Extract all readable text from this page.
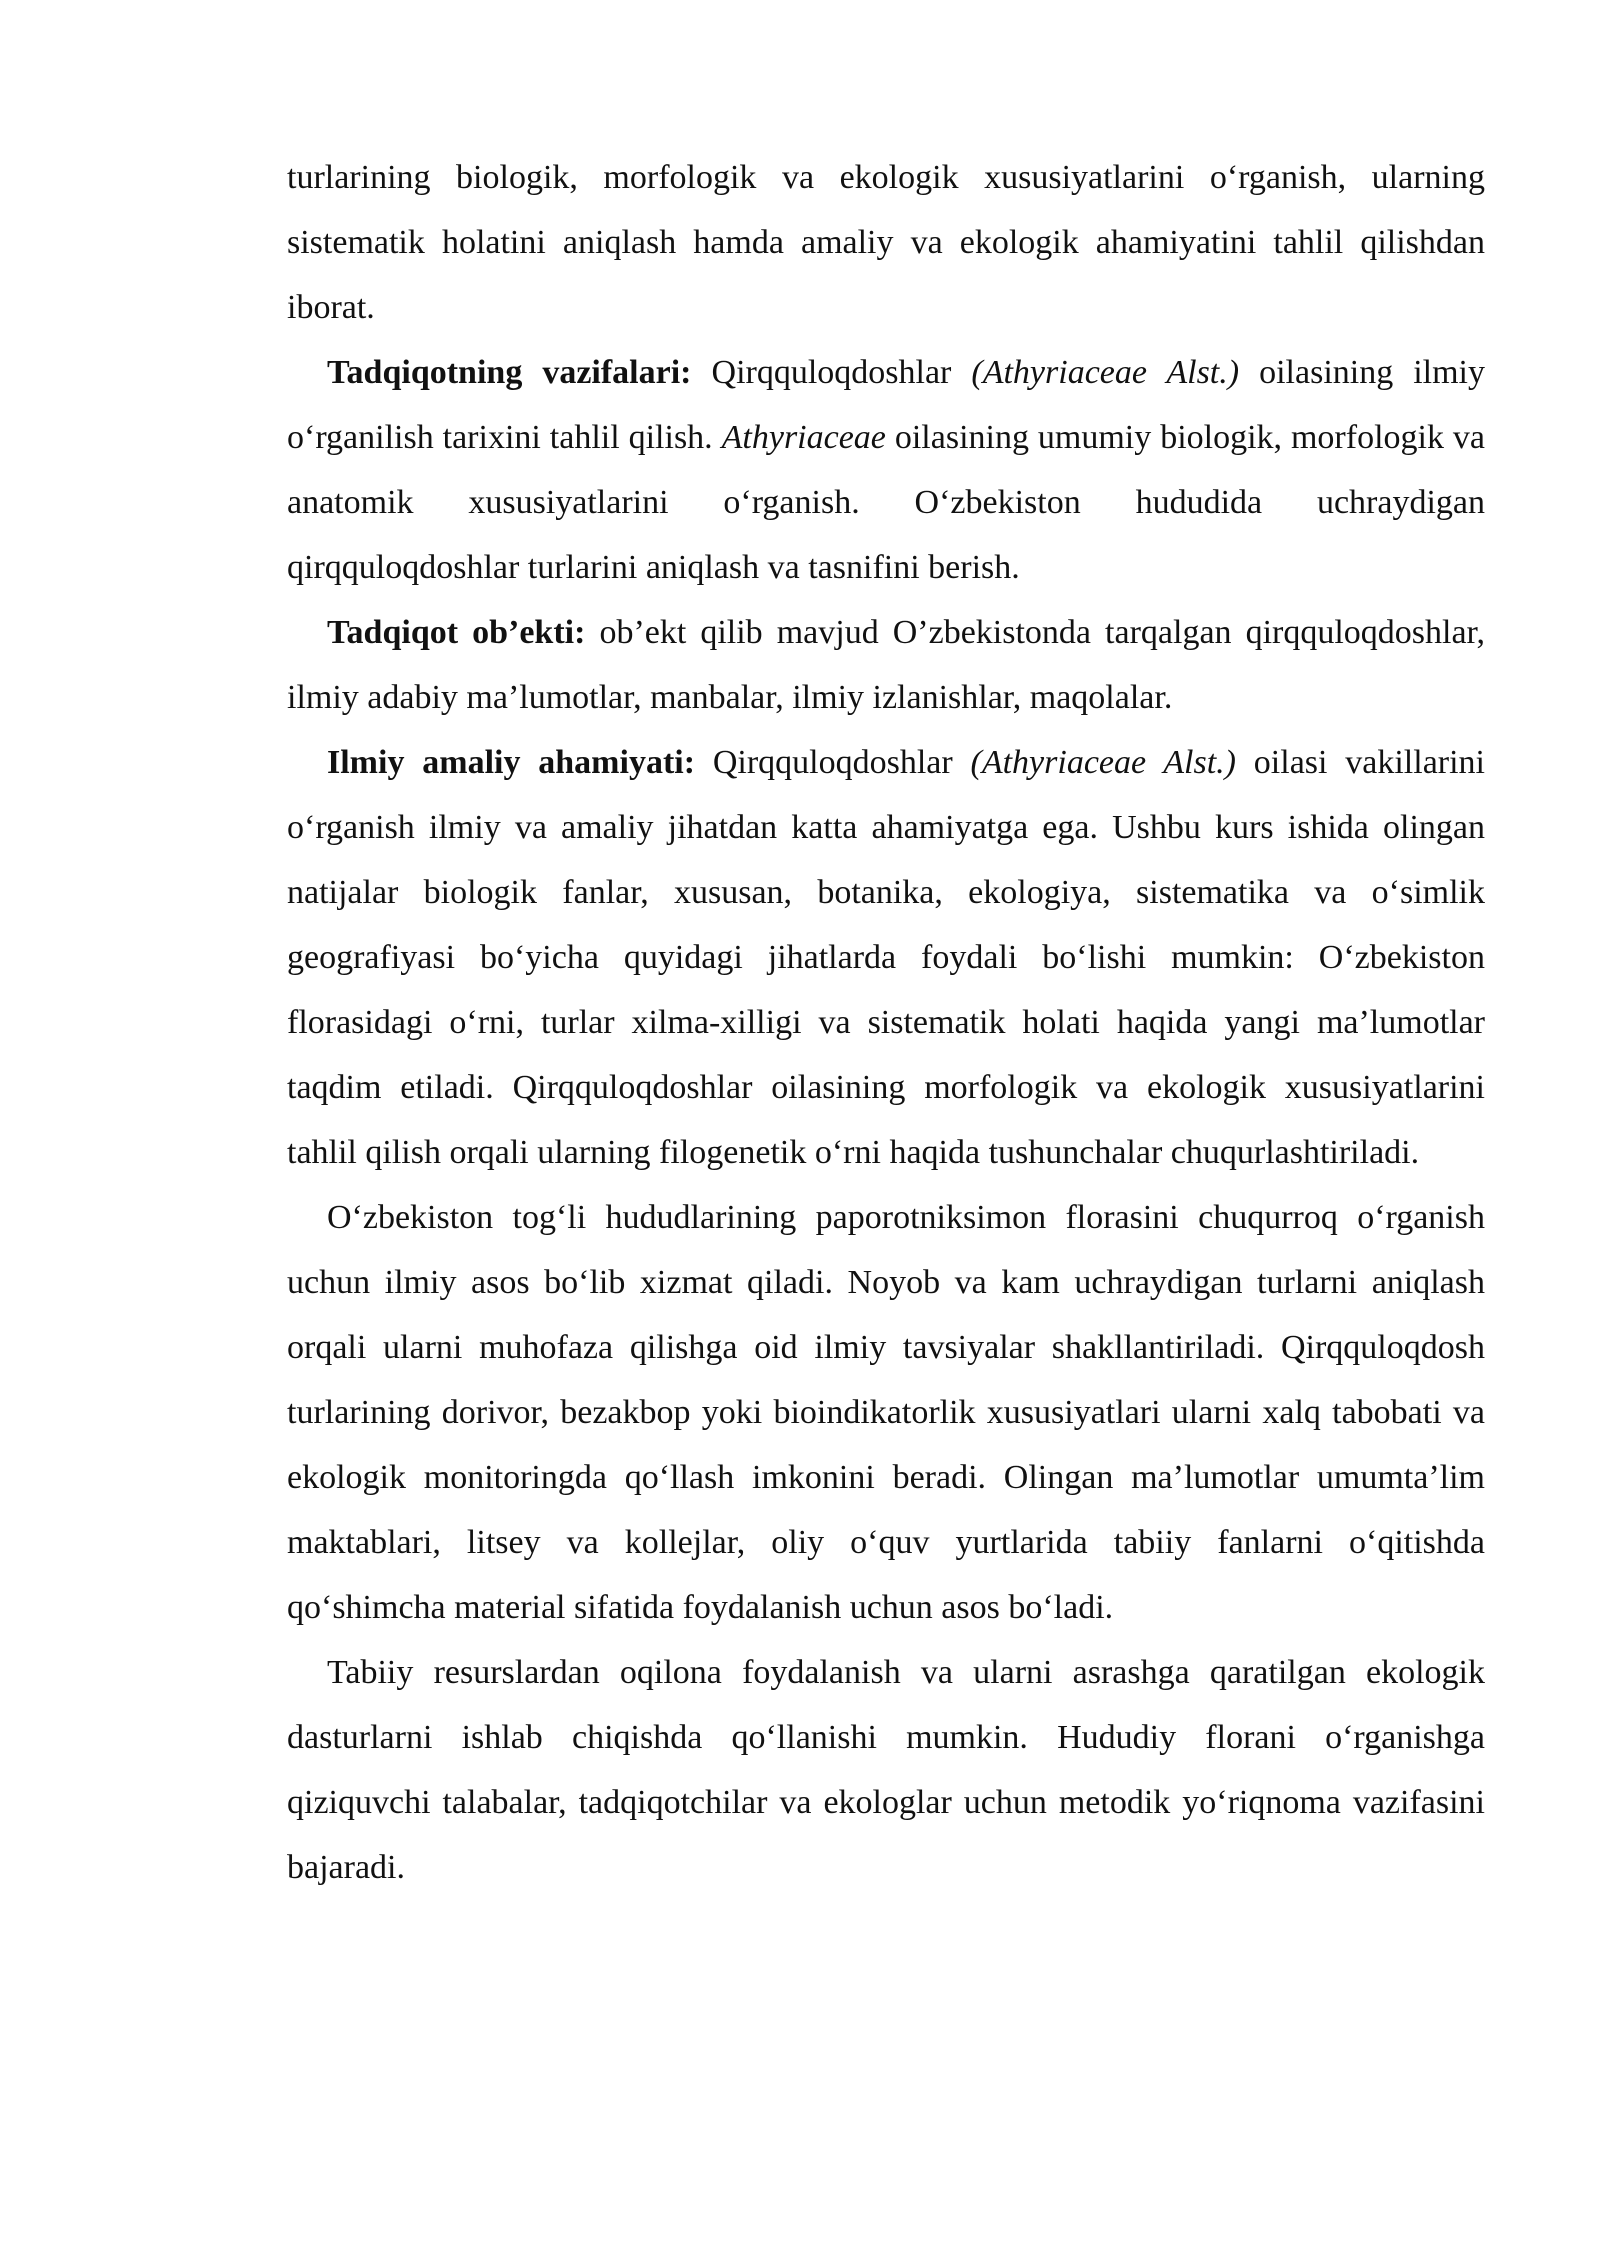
turlarining biologik, morfologik va ekologik xususiyatlarini o‘rganish, ularning sistematik holatini aniqlash hamda amaliy va ekologik ahamiyatini tahlil qilishdan iborat.

Tadqiqotning vazifalari: Qirqquloqdoshlar (Athyriaceae Alst.) oilasining ilmiy o‘rganilish tarixini tahlil qilish. Athyriaceae oilasining umumiy biologik, morfologik va anatomik xususiyatlarini o‘rganish. O‘zbekiston hududida uchraydigan qirqquloqdoshlar turlarini aniqlash va tasnifini berish.

Tadqiqot ob’ekti: ob’ekt qilib mavjud O’zbekistonda tarqalgan qirqquloqdoshlar, ilmiy adabiy ma’lumotlar, manbalar, ilmiy izlanishlar, maqolalar.

Ilmiy amaliy ahamiyati: Qirqquloqdoshlar (Athyriaceae Alst.) oilasi vakillarini o‘rganish ilmiy va amaliy jihatdan katta ahamiyatga ega. Ushbu kurs ishida olingan natijalar biologik fanlar, xususan, botanika, ekologiya, sistematika va o‘simlik geografiyasi bo‘yicha quyidagi jihatlarda foydali bo‘lishi mumkin: O‘zbekiston florasidagi o‘rni, turlar xilma-xilligi va sistematik holati haqida yangi ma’lumotlar taqdim etiladi. Qirqquloqdoshlar oilasining morfologik va ekologik xususiyatlarini tahlil qilish orqali ularning filogenetik o‘rni haqida tushunchalar chuqurlashtiriladi.

O‘zbekiston tog‘li hududlarining paporotniksimon florasini chuqurroq o‘rganish uchun ilmiy asos bo‘lib xizmat qiladi. Noyob va kam uchraydigan turlarni aniqlash orqali ularni muhofaza qilishga oid ilmiy tavsiyalar shakllantiriladi. Qirqquloqdosh turlarining dorivor, bezakbop yoki bioindikatorlik xususiyatlari ularni xalq tabobati va ekologik monitoringda qo‘llash imkonini beradi. Olingan ma’lumotlar umumta’lim maktablari, litsey va kollejlar, oliy o‘quv yurtlarida tabiiy fanlarni o‘qitishda qo‘shimcha material sifatida foydalanish uchun asos bo‘ladi.

Tabiiy resurslardan oqilona foydalanish va ularni asrashga qaratilgan ekologik dasturlarni ishlab chiqishda qo‘llanishi mumkin. Hududiy florani o‘rganishga qiziquvchi talabalar, tadqiqotchilar va ekologlar uchun metodik yo‘riqnoma vazifasini bajaradi.
